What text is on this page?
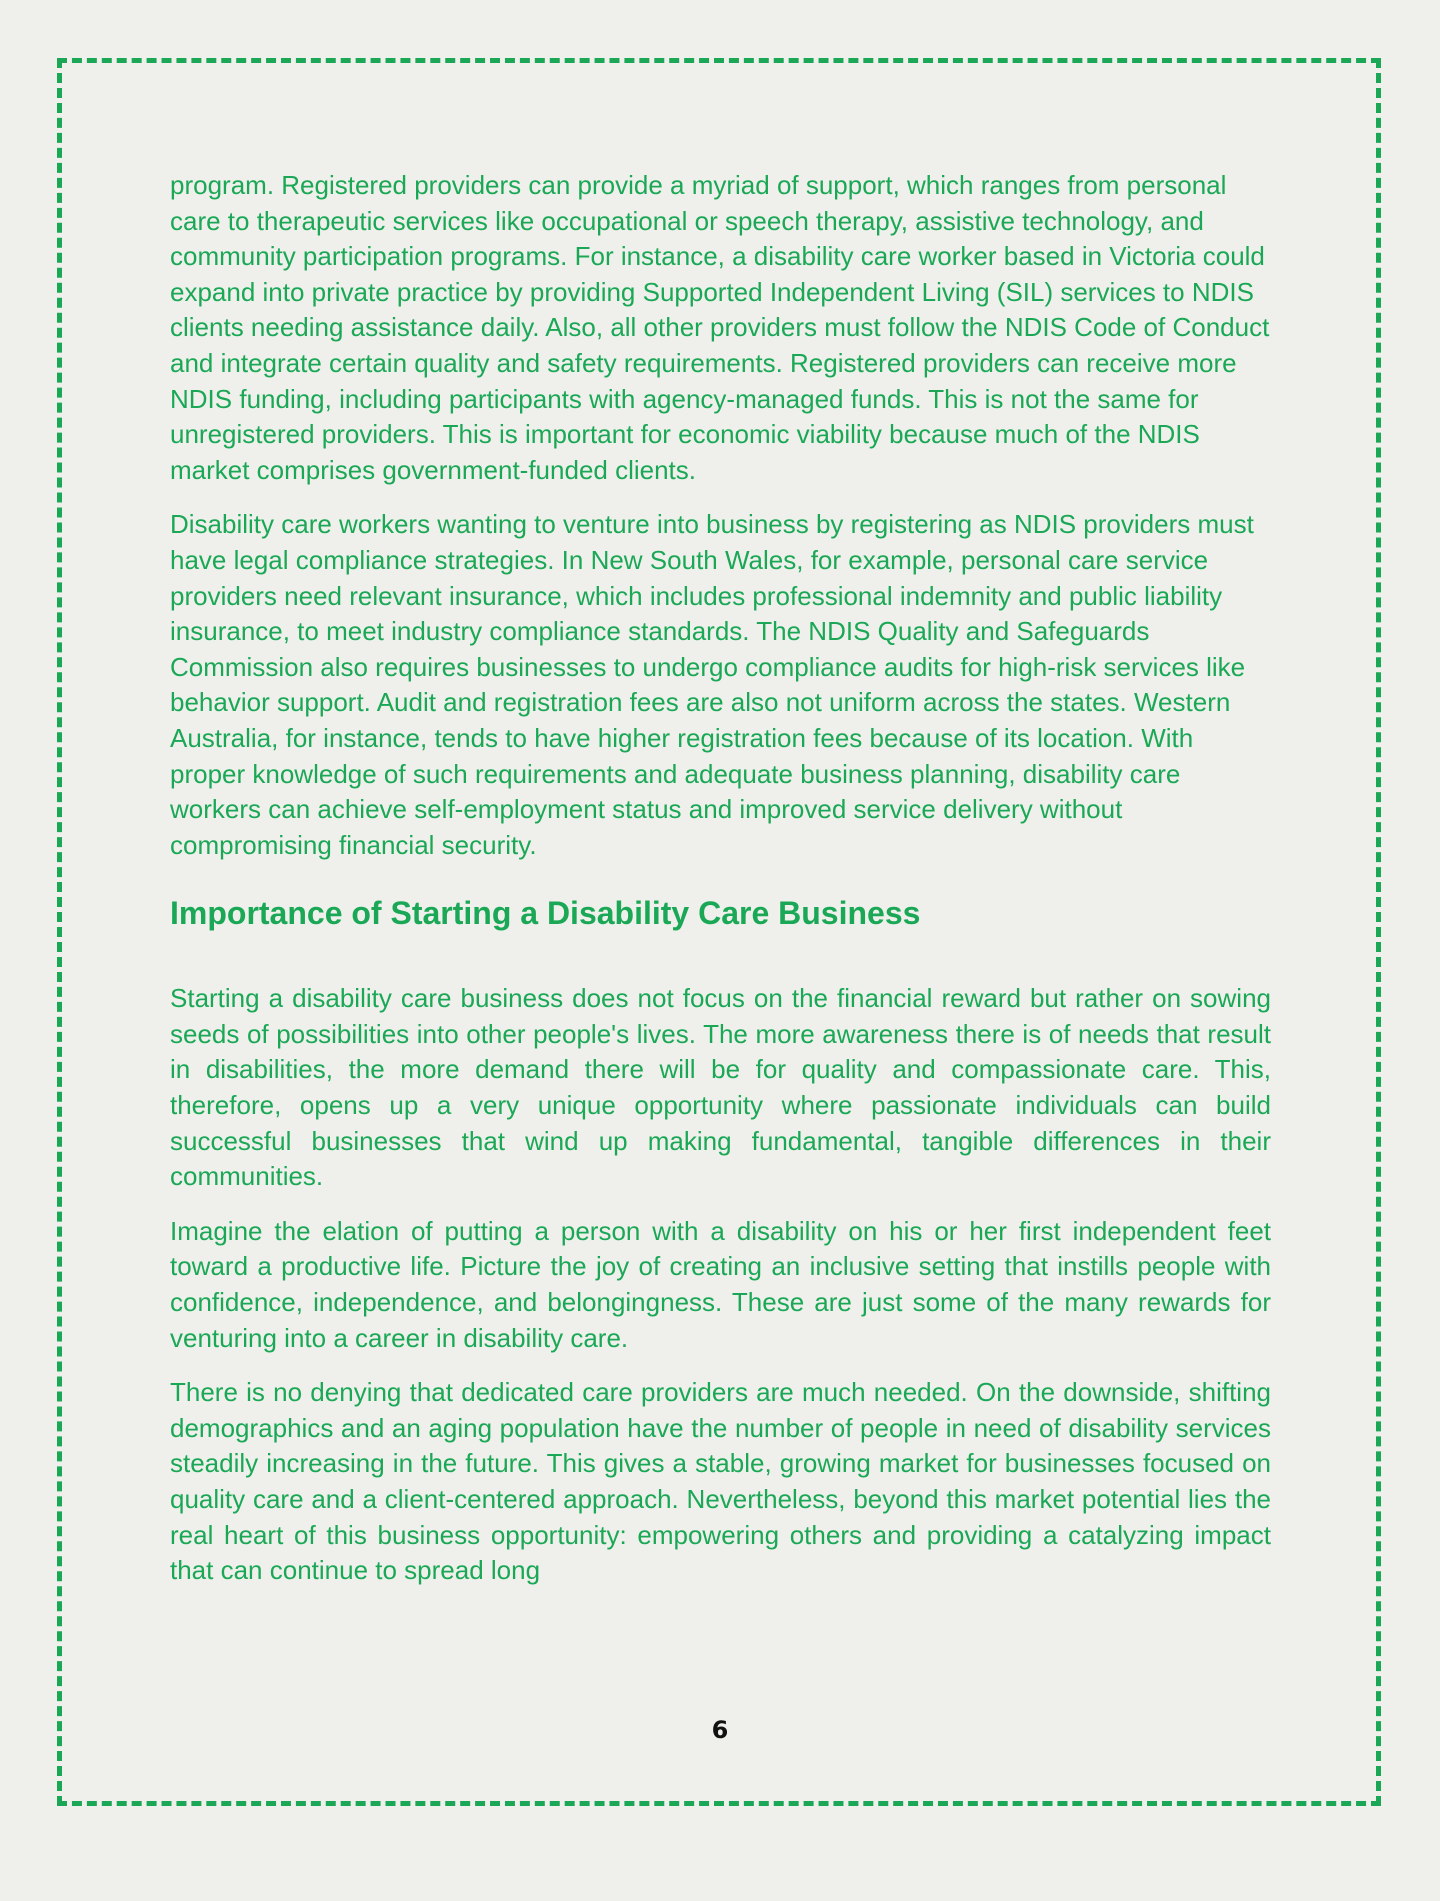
program. Registered providers can provide a myriad of support, which ranges from personal care to therapeutic services like occupational or speech therapy, assistive technology, and community participation programs. For instance, a disability care worker based in Victoria could expand into private practice by providing Supported Independent Living (SIL) services to NDIS clients needing assistance daily. Also, all other providers must follow the NDIS Code of Conduct and integrate certain quality and safety requirements. Registered providers can receive more NDIS funding, including participants with agency-managed funds. This is not the same for unregistered providers. This is important for economic viability because much of the NDIS market comprises government-funded clients.

Disability care workers wanting to venture into business by registering as NDIS providers must have legal compliance strategies. In New South Wales, for example, personal care service providers need relevant insurance, which includes professional indemnity and public liability insurance, to meet industry compliance standards. The NDIS Quality and Safeguards Commission also requires businesses to undergo compliance audits for high-risk services like behavior support. Audit and registration fees are also not uniform across the states. Western Australia, for instance, tends to have higher registration fees because of its location. With proper knowledge of such requirements and adequate business planning, disability care workers can achieve self-employment status and improved service delivery without compromising financial security.

Importance of Starting a Disability Care Business

Starting a disability care business does not focus on the financial reward but rather on sowing seeds of possibilities into other people's lives. The more awareness there is of needs that result in disabilities, the more demand there will be for quality and compassionate care. This, therefore, opens up a very unique opportunity where passionate individuals can build successful businesses that wind up making fundamental, tangible differences in their communities.

Imagine the elation of putting a person with a disability on his or her first independent feet toward a productive life. Picture the joy of creating an inclusive setting that instills people with confidence, independence, and belongingness. These are just some of the many rewards for venturing into a career in disability care.

There is no denying that dedicated care providers are much needed. On the downside, shifting demographics and an aging population have the number of people in need of disability services steadily increasing in the future. This gives a stable, growing market for businesses focused on quality care and a client-centered approach. Nevertheless, beyond this market potential lies the real heart of this business opportunity: empowering others and providing a catalyzing impact that can continue to spread long

6
